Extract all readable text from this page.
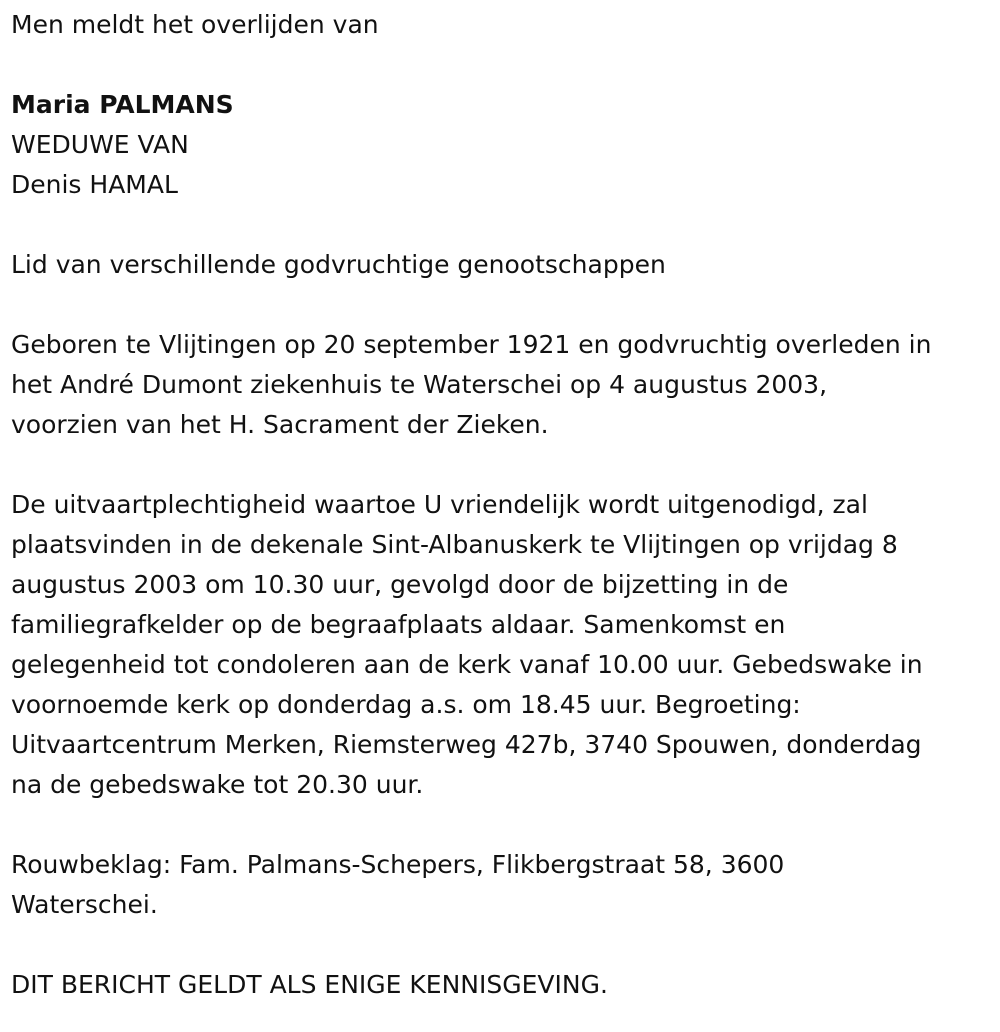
Men meldt het overlijden van
Maria PALMANS
WEDUWE VAN
Denis HAMAL
Lid van verschillende godvruchtige genootschappen
Geboren te Vlijtingen op 20 september 1921 en godvruchtig overleden in
het André Dumont ziekenhuis te Waterschei op 4 augustus 2003,
voorzien van het H. Sacrament der Zieken.
De uitvaartplechtigheid waartoe U vriendelijk wordt uitgenodigd, zal
plaatsvinden in de dekenale Sint-Albanuskerk te Vlijtingen op vrijdag 8
augustus 2003 om 10.30 uur, gevolgd door de bijzetting in de
familiegrafkelder op de begraafplaats aldaar. Samenkomst en
gelegenheid tot condoleren aan de kerk vanaf 10.00 uur. Gebedswake in
voornoemde kerk op donderdag a.s. om 18.45 uur. Begroeting:
Uitvaartcentrum Merken, Riemsterweg 427b, 3740 Spouwen, donderdag
na de gebedswake tot 20.30 uur.
Rouwbeklag: Fam. Palmans-Schepers, Flikbergstraat 58, 3600
Waterschei.
DIT BERICHT GELDT ALS ENIGE KENNISGEVING.
